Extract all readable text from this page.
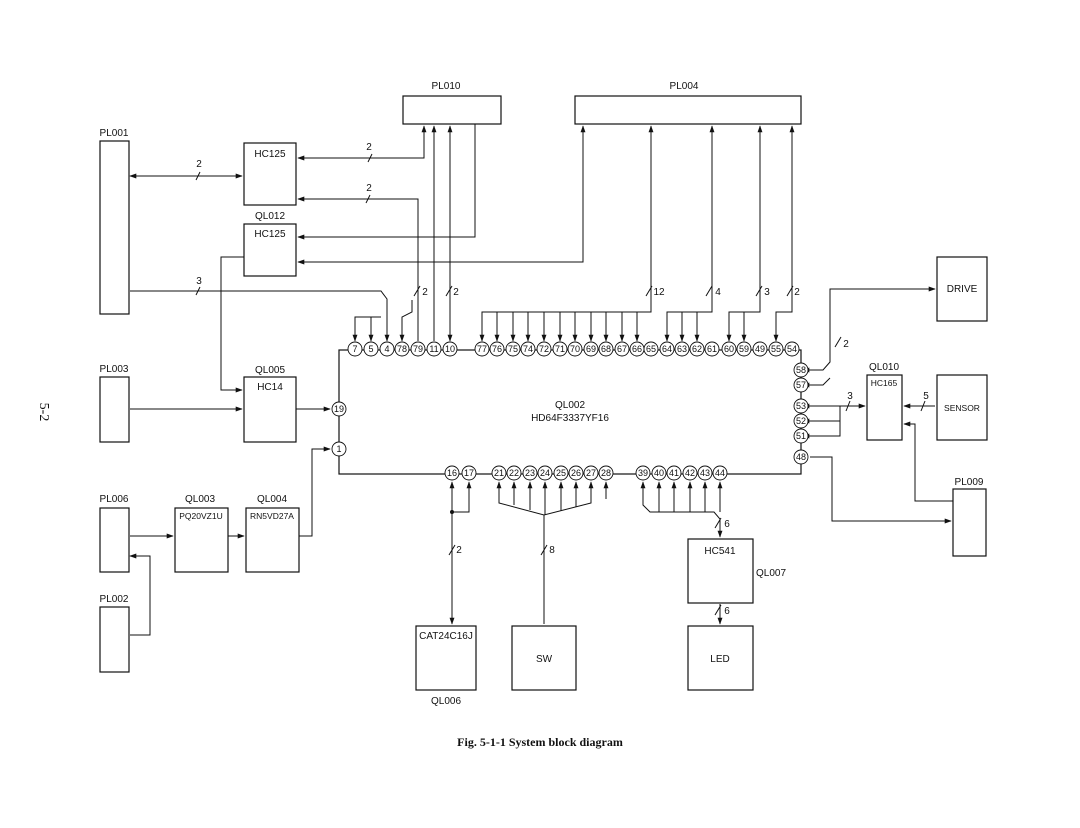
5-2
PL010	PL004
PL001
HC125
QL012
HC125
DRIVE
QL002
HD64F3337YF16
PL003	QL005
HC14
QL010
HC165
SENSOR
PL009
PL006	QL003
PQ20VZ1U
QL004
RN5VD27A
HC541
QL007
PL002
CAT24C16J
QL006
SW	LED
2
2
2
3
2	2	12	4	3 2
2
3	5
2	8
6
6
7 5 4 78 79 11 10 77 76 75 74 72 71 70 69 68 67 66 65 64 63 62 61 60 59 49 55 54
16 17 21 22 23 24 25 26 27 28	39 40 41 42 43 44
19
1
58
57
53
52
51
48
Fig. 5-1-1 System block diagram
